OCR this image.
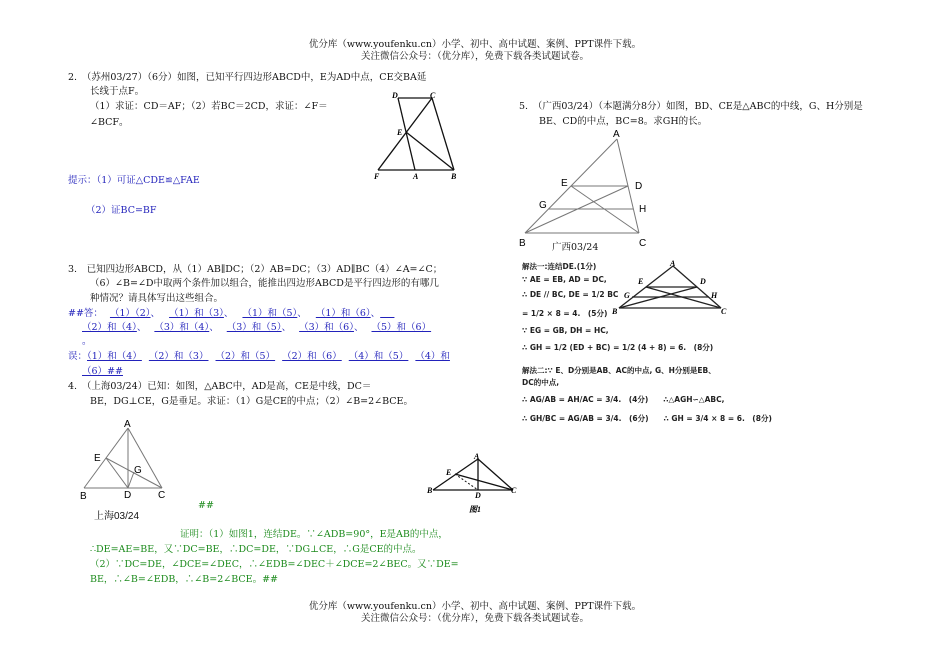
优分库（www.youfenku.cn）小学、初中、高中试题、案例、PPT课件下载。
关注微信公众号：（优分库），免费下载各类试题试卷。
2.　（苏州03/27）（6分）如图，已知平行四边形ABCD中，E为AD中点，CE交BA延
长线于点F。
（1）求证：CD＝AF；（2）若BC＝2CD，求证：∠F＝
∠BCF。
D	C
E
F	A	B
提示：（1）可证△CDE≌△FAE
（2）证BC=BF
3.　已知四边形ABCD，从（1）AB∥DC；（2）AB=DC；（3）AD∥BC（4）∠A=∠C；
（6）∠B=∠D中取两个条件加以组合，能推出四边形ABCD是平行四边形的有哪几
种情况？请具体写出这些组合。
##答： （1）（2）、 （1）和（3）、 （1）和（5）、 （1）和（6）、  
（2）和（4）、 （3）和（4）、 （3）和（5）、 （3）和（6）、 （5）和（6）
。
误：（1）和（4） （2）和（3） （2）和（5） （2）和（6） （4）和（5） （4）和
（6）##
4.　（上海03/24）已知：如图，△ABC中，AD是高，CE是中线，DC＝
BE，DG⊥CE，G是垂足。求证：（1）G是CE的中点；（2）∠B=2∠BCE。
A
E
G
B	D	C
上海03/24
##
A
E
B
D
C
图1
证明：（1）如图1，连结DE。∵∠ADB=90°，E是AB的中点，
∴DE=AE=BE，又∵DC=BE，∴DC=DE，∵DG⊥CE，∴G是CE的中点。
（2）∵DC=DE，∠DCE=∠DEC，∴∠EDB=∠DEC＋∠DCE=2∠BEC。又∵DE=
BE，∴∠B=∠EDB，∴∠B=2∠BCE。##
5.　（广西03/24）（本题满分8分）如图，BD、CE是△ABC的中线，G、H分别是
BE、CD的中点，BC=8。求GH的长。
A
E	D
G	H
B	C
广西03/24
解法一:连结DE.(1分)
∵ AE = EB, AD = DC,
∴ DE // BC, DE = 1/2 BC
= 1/2 × 8 = 4.　(5分)
∵ EG = GB, DH = HC,
∴ GH = 1/2 (ED + BC) = 1/2 (4 + 8) = 6.　(8分)
A
E	D
G	H
B	C
解法二:∵ E、D分别是AB、AC的中点, G、H分别是EB、
DC的中点,
∴ AG/AB = AH/AC = 3/4.　(4分)　　∴△AGH∽△ABC,
∴ GH/BC = AG/AB = 3/4.　(6分)　　∴ GH = 3/4 × 8 = 6.　(8分)
优分库（www.youfenku.cn）小学、初中、高中试题、案例、PPT课件下载。
关注微信公众号：（优分库），免费下载各类试题试卷。
